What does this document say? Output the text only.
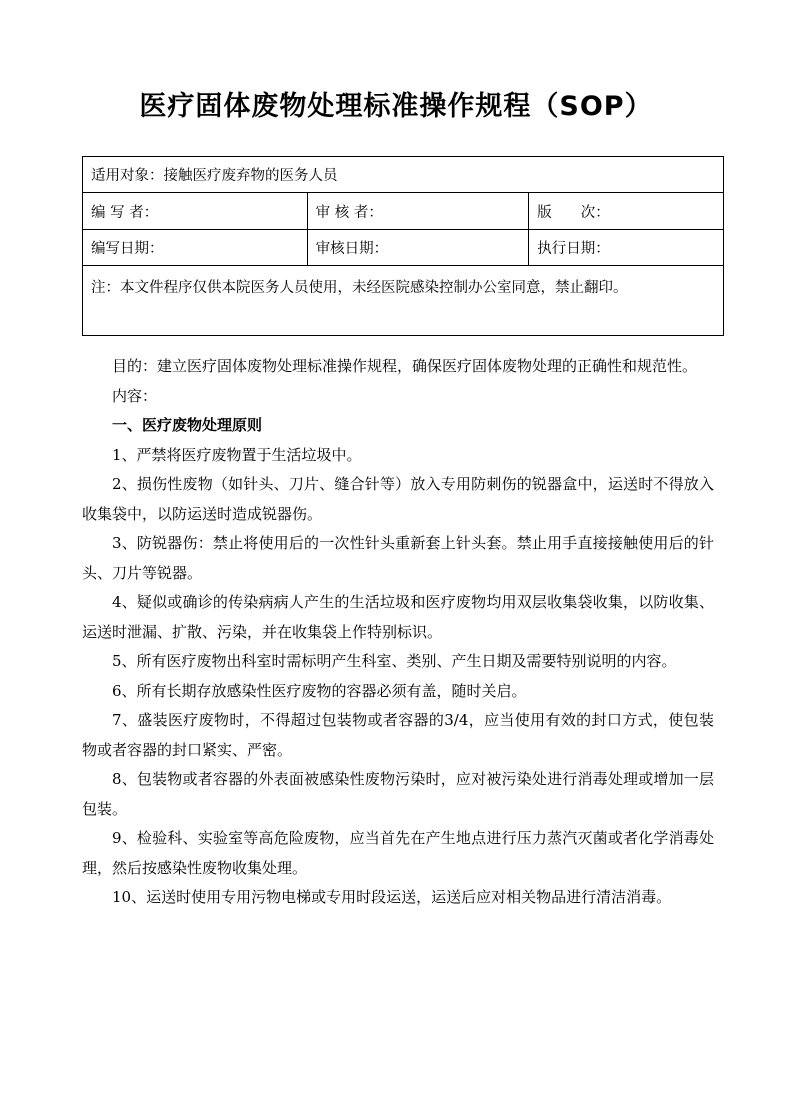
医疗固体废物处理标准操作规程（SOP）
适用对象：接触医疗废弃物的医务人员		
编 写 者：	审 核 者：	版　　次：
编写日期：	审核日期：	执行日期：
注：本文件程序仅供本院医务人员使用，未经医院感染控制办公室同意，禁止翻印。		

目的：建立医疗固体废物处理标准操作规程，确保医疗固体废物处理的正确性和规范性。

内容：

一、医疗废物处理原则

1、严禁将医疗废物置于生活垃圾中。

2、损伤性废物（如针头、刀片、缝合针等）放入专用防刺伤的锐器盒中，运送时不得放入收集袋中，以防运送时造成锐器伤。

3、防锐器伤：禁止将使用后的一次性针头重新套上针头套。禁止用手直接接触使用后的针头、刀片等锐器。

4、疑似或确诊的传染病病人产生的生活垃圾和医疗废物均用双层收集袋收集，以防收集、运送时泄漏、扩散、污染，并在收集袋上作特别标识。

5、所有医疗废物出科室时需标明产生科室、类别、产生日期及需要特别说明的内容。

6、所有长期存放感染性医疗废物的容器必须有盖，随时关启。

7、盛装医疗废物时，不得超过包装物或者容器的3/4，应当使用有效的封口方式，使包装物或者容器的封口紧实、严密。

8、包装物或者容器的外表面被感染性废物污染时，应对被污染处进行消毒处理或增加一层包装。

9、检验科、实验室等高危险废物，应当首先在产生地点进行压力蒸汽灭菌或者化学消毒处理，然后按感染性废物收集处理。

10、运送时使用专用污物电梯或专用时段运送，运送后应对相关物品进行清洁消毒。
